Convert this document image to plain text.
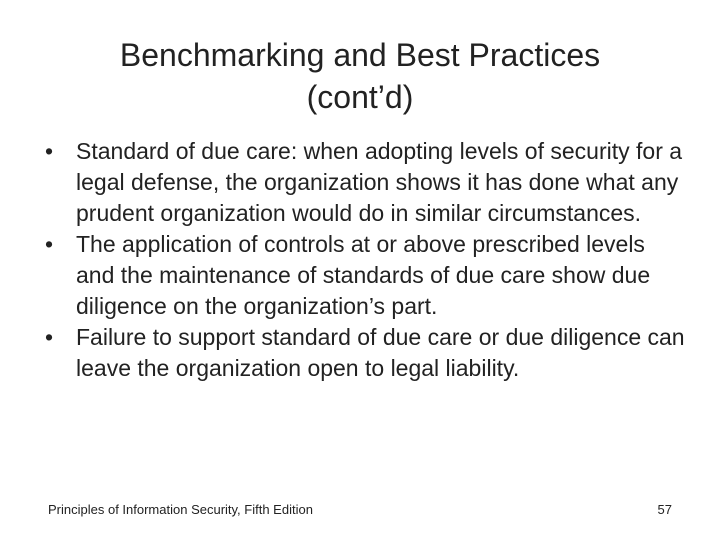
Benchmarking and Best Practices
(cont’d)
• Standard of due care: when adopting levels of security for a legal defense, the organization shows it has done what any prudent organization would do in similar circumstances.
• The application of controls at or above prescribed levels and the maintenance of standards of due care show due diligence on the organization’s part.
• Failure to support standard of due care or due diligence can leave the organization open to legal liability.
Principles of Information Security, Fifth Edition	57
